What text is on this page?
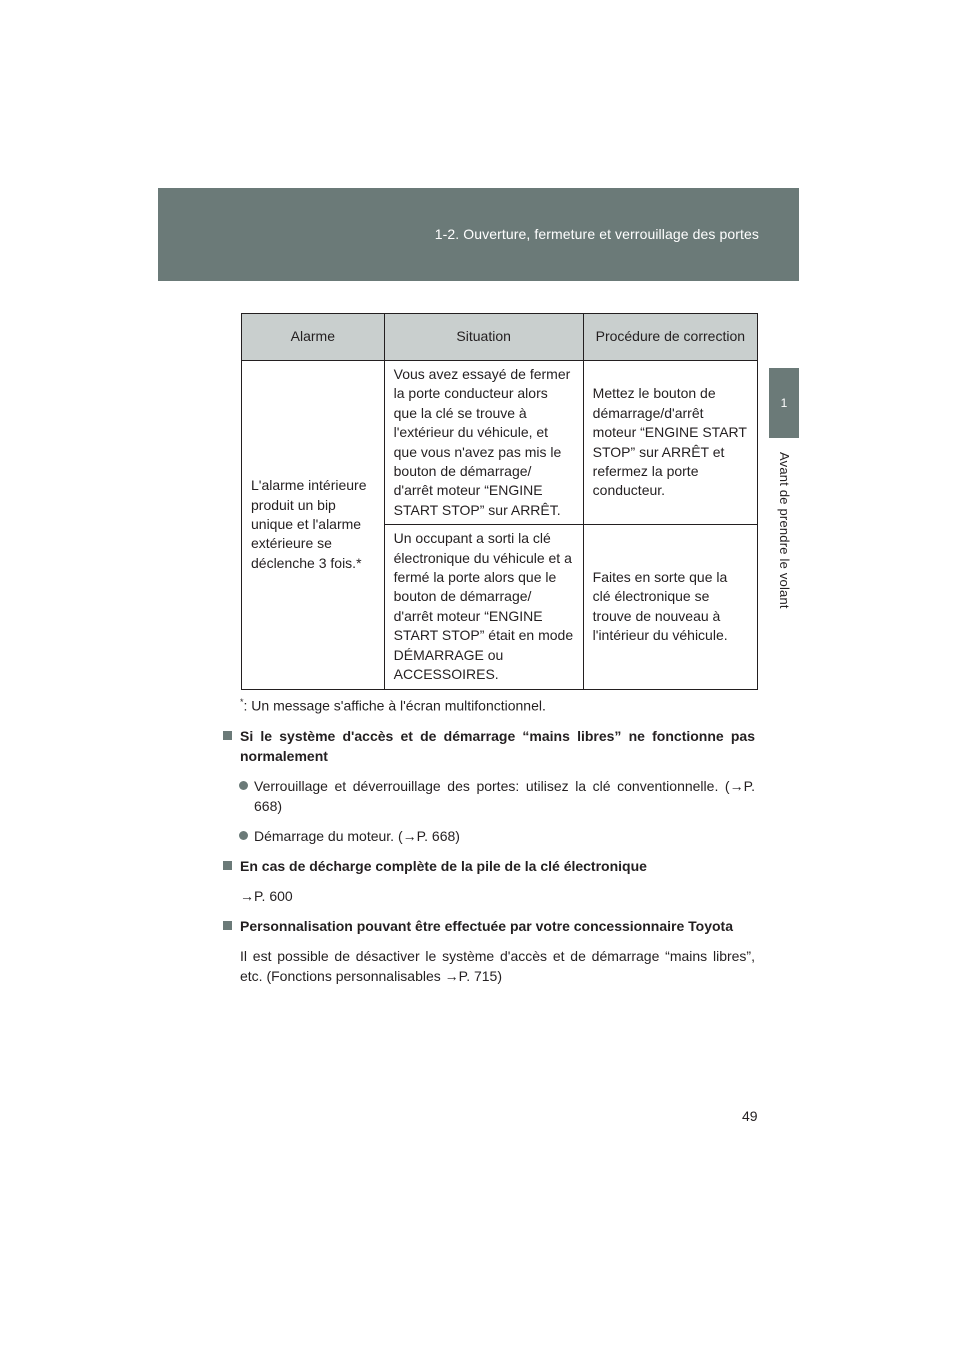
1-2. Ouverture, fermeture et verrouillage des portes
1
Avant de prendre le volant
Alarme	Situation	Procédure de correction
L'alarme intérieure produit un bip unique et l'alarme extérieure se déclenche 3 fois.*	Vous avez essayé de fermer la porte conducteur alors que la clé se trouve à l'extérieur du véhicule, et que vous n'avez pas mis le bouton de démarrage/ d'arrêt moteur “ENGINE START STOP” sur ARRÊT.	Mettez le bouton de démarrage/d'arrêt moteur “ENGINE START STOP” sur ARRÊT et refermez la porte conducteur.
	Un occupant a sorti la clé électronique du véhicule et a fermé la porte alors que le bouton de démarrage/ d'arrêt moteur “ENGINE START STOP” était en mode DÉMARRAGE ou ACCESSOIRES.	Faites en sorte que la clé électronique se trouve de nouveau à l'intérieur du véhicule.
*: Un message s'affiche à l'écran multifonctionnel.
Si le système d'accès et de démarrage “mains libres” ne fonctionne pas normalement
Verrouillage et déverrouillage des portes: utilisez la clé conventionnelle. (→P. 668)
Démarrage du moteur. (→P. 668)
En cas de décharge complète de la pile de la clé électronique
→P. 600
Personnalisation pouvant être effectuée par votre concessionnaire Toyota
Il est possible de désactiver le système d'accès et de démarrage “mains libres”, etc. (Fonctions personnalisables →P. 715)
49
